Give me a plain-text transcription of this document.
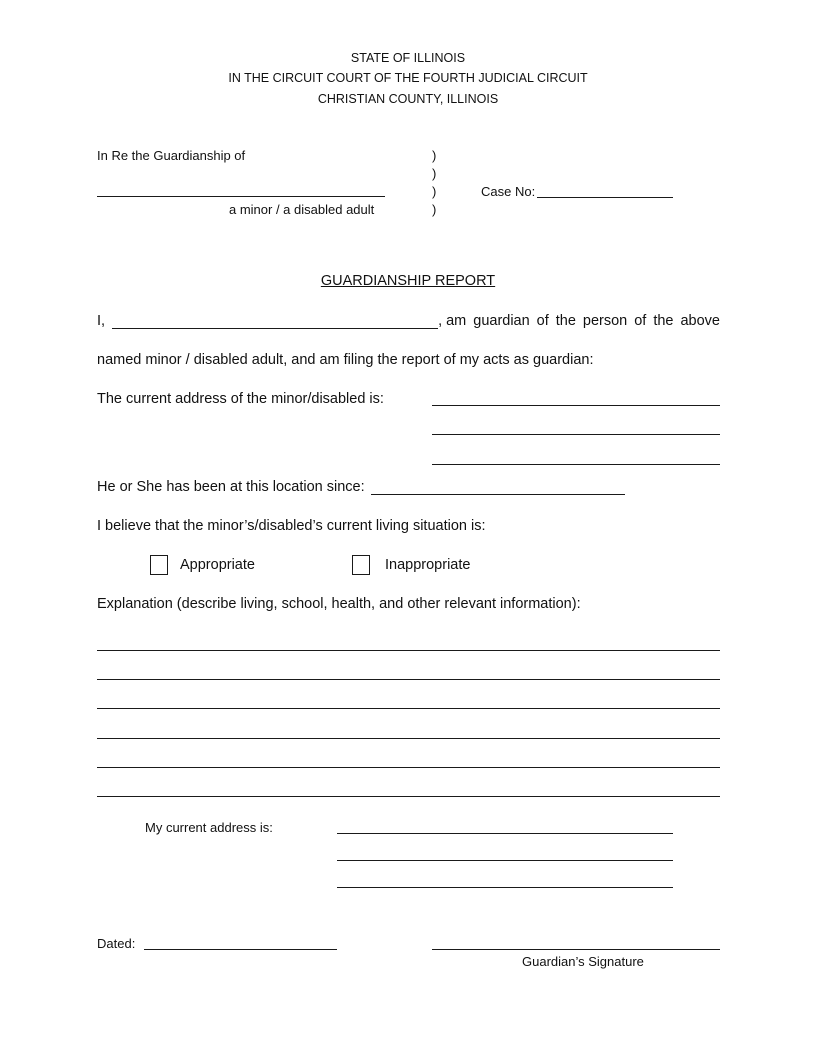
STATE OF ILLINOIS
IN THE CIRCUIT COURT OF THE FOURTH JUDICIAL CIRCUIT
CHRISTIAN COUNTY, ILLINOIS
In Re the Guardianship of
a minor / a disabled adult
)
)
)
)
Case No:
GUARDIANSHIP REPORT
I,	, am guardian of the person of the above
named minor / disabled adult, and am filing the report of my acts as guardian:
The current address of the minor/disabled is:
He or She has been at this location since:
I believe that the minor’s/disabled’s current living situation is:
Appropriate	Inappropriate
Explanation (describe living, school, health, and other relevant information):
My current address is:
Dated:
Guardian’s Signature
